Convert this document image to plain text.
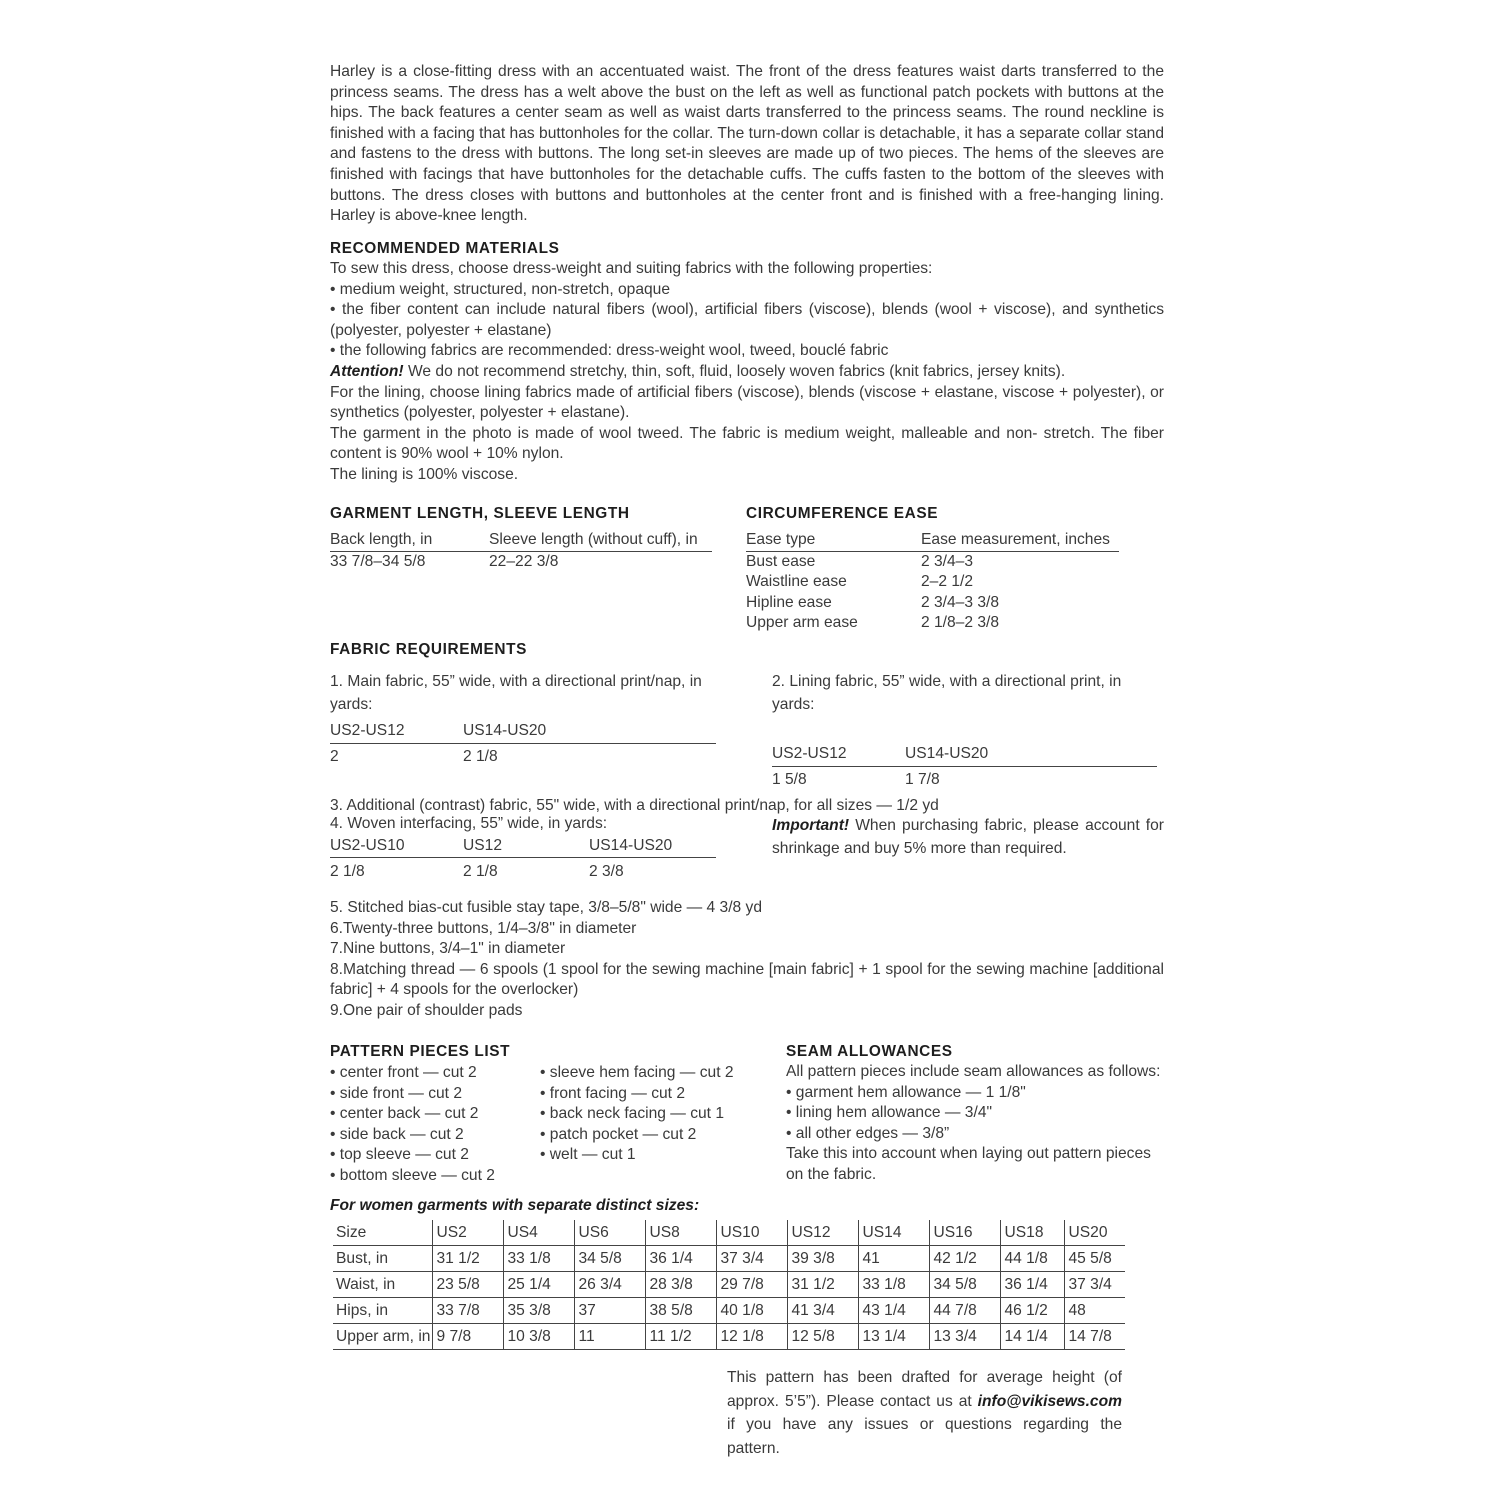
Harley is a close-fitting dress with an accentuated waist. The front of the dress features waist darts transferred to the princess seams. The dress has a welt above the bust on the left as well as functional patch pockets with buttons at the hips. The back features a center seam as well as waist darts transferred to the princess seams. The round neckline is finished with a facing that has buttonholes for the collar. The turn-down collar is detachable, it has a separate collar stand and fastens to the dress with buttons. The long set-in sleeves are made up of two pieces. The hems of the sleeves are finished with facings that have buttonholes for the detachable cuffs. The cuffs fasten to the bottom of the sleeves with buttons. The dress closes with buttons and buttonholes at the center front and is finished with a free-hanging lining. Harley is above-knee length.

RECOMMENDED MATERIALS

To sew this dress, choose dress-weight and suiting fabrics with the following properties:

• medium weight, structured, non-stretch, opaque

• the fiber content can include natural fibers (wool), artificial fibers (viscose), blends (wool + viscose), and synthetics (polyester, polyester + elastane)

• the following fabrics are recommended: dress-weight wool, tweed, bouclé fabric

Attention! We do not recommend stretchy, thin, soft, fluid, loosely woven fabrics (knit fabrics, jersey knits).

For the lining, choose lining fabrics made of artificial fibers (viscose), blends (viscose + elastane, viscose + polyester), or synthetics (polyester, polyester + elastane).

The garment in the photo is made of wool tweed. The fabric is medium weight, malleable and non- stretch. The fiber content is 90% wool + 10% nylon.

The lining is 100% viscose.

GARMENT LENGTH, SLEEVE LENGTH

Back length, in	Sleeve length (without cuff), in
33 7/8–34 5/8	22–22 3/8

CIRCUMFERENCE EASE

Ease type	Ease measurement, inches
Bust ease	2 3/4–3
Waistline ease	2–2 1/2
Hipline ease	2 3/4–3 3/8
Upper arm ease	2 1/8–2 3/8

FABRIC REQUIREMENTS

1. Main fabric, 55” wide, with a directional print/nap, in yards:

US2-US12	US14-US20
2	2 1/8

2. Lining fabric, 55” wide, with a directional print, in yards:

US2-US12	US14-US20
1 5/8	1 7/8

3. Additional (contrast) fabric, 55" wide, with a directional print/nap, for all sizes — 1/2 yd

4. Woven interfacing, 55” wide, in yards:

US2-US10	US12	US14-US20
2 1/8	2 1/8	2 3/8

Important! When purchasing fabric, please account for shrinkage and buy 5% more than required.

5. Stitched bias-cut fusible stay tape, 3/8–5/8" wide — 4 3/8 yd

6.Twenty-three buttons, 1/4–3/8" in diameter

7.Nine buttons, 3/4–1" in diameter

8.Matching thread — 6 spools (1 spool for the sewing machine [main fabric] + 1 spool for the sewing machine [additional fabric] + 4 spools for the overlocker)

9.One pair of shoulder pads

PATTERN PIECES LIST

• center front — cut 2
• side front — cut 2
• center back — cut 2
• side back — cut 2
• top sleeve — cut 2
• bottom sleeve — cut 2
• sleeve hem facing — cut 2
• front facing — cut 2
• back neck facing — cut 1
• patch pocket — cut 2
• welt — cut 1

SEAM ALLOWANCES

All pattern pieces include seam allowances as follows:
• garment hem allowance — 1 1/8"
• lining hem allowance — 3/4"
• all other edges — 3/8”
Take this into account when laying out pattern pieces
on the fabric.

For women garments with separate distinct sizes:

Size	US2	US4	US6	US8	US10	US12	US14	US16	US18	US20
Bust, in	31 1/2	33 1/8	34 5/8	36 1/4	37 3/4	39 3/8	41	42 1/2	44 1/8	45 5/8
Waist, in	23 5/8	25 1/4	26 3/4	28 3/8	29 7/8	31 1/2	33 1/8	34 5/8	36 1/4	37 3/4
Hips, in	33 7/8	35 3/8	37	38 5/8	40 1/8	41 3/4	43 1/4	44 7/8	46 1/2	48
Upper arm, in	9 7/8	10 3/8	11	11 1/2	12 1/8	12 5/8	13 1/4	13 3/4	14 1/4	14 7/8

This pattern has been drafted for average height (of approx. 5’5”). Please contact us at info@vikisews.com if you have any issues or questions regarding the pattern.
